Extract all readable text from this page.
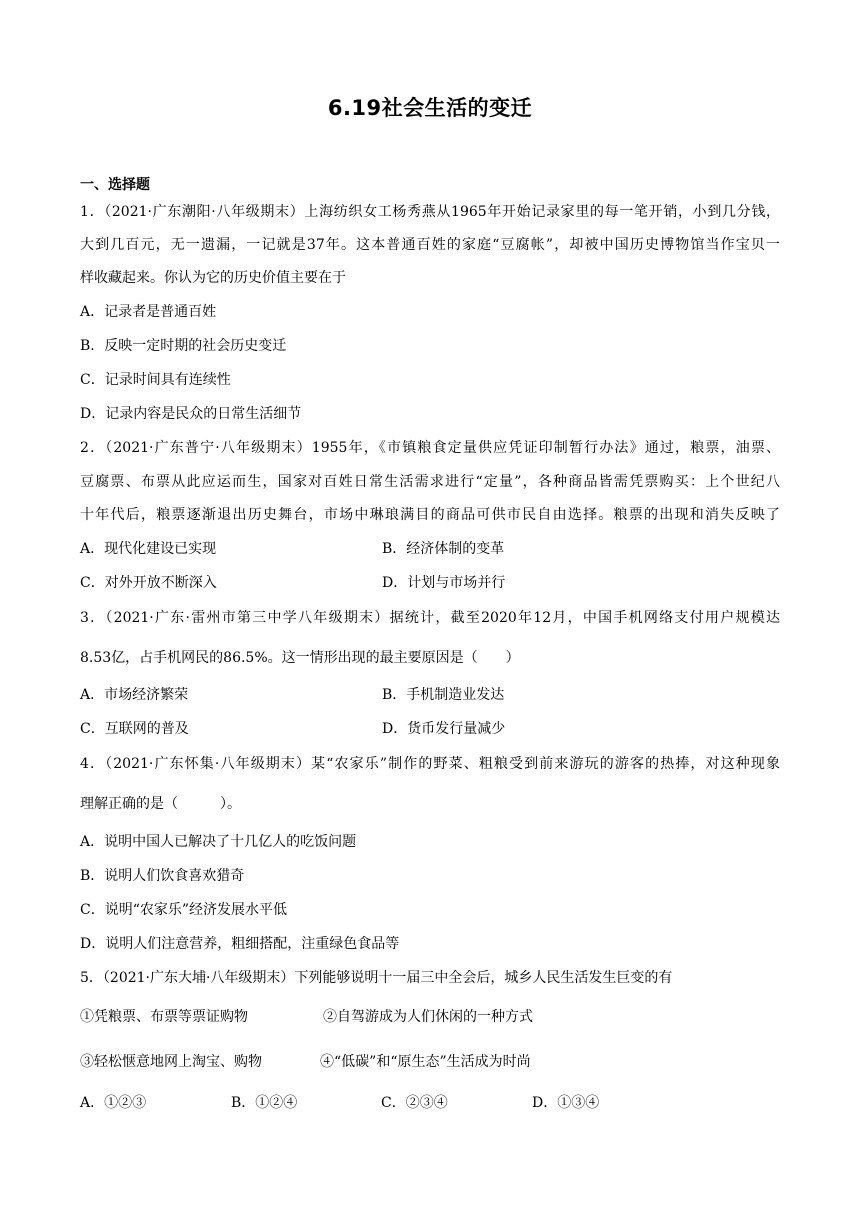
6.19社会生活的变迁
一、选择题
1．（2021·广东潮阳·八年级期末）上海纺织女工杨秀燕从1965年开始记录家里的每一笔开销，小到几分钱，
大到几百元，无一遗漏，一记就是37年。这本普通百姓的家庭“豆腐帐”，却被中国历史博物馆当作宝贝一
样收藏起来。你认为它的历史价值主要在于
A．记录者是普通百姓
B．反映一定时期的社会历史变迁
C．记录时间具有连续性
D．记录内容是民众的日常生活细节
2．（2021·广东普宁·八年级期末）1955年，《市镇粮食定量供应凭证印制暂行办法》通过，粮票，油票、
豆腐票、布票从此应运而生，国家对百姓日常生活需求进行“定量”，各种商品皆需凭票购买：上个世纪八
十年代后，粮票逐渐退出历史舞台，市场中琳琅满目的商品可供市民自由选择。粮票的出现和消失反映了
A．现代化建设已实现	B．经济体制的变革
C．对外开放不断深入	D．计划与市场并行
3．（2021·广东·雷州市第三中学八年级期末）据统计，截至2020年12月，中国手机网络支付用户规模达
8.53亿，占手机网民的86.5%。这一情形出现的最主要原因是（　　）
A．市场经济繁荣	B．手机制造业发达
C．互联网的普及	D．货币发行量减少
4．（2021·广东怀集·八年级期末）某“农家乐”制作的野菜、粗粮受到前来游玩的游客的热捧，对这种现象
理解正确的是（　　　）。
A．说明中国人已解决了十几亿人的吃饭问题
B．说明人们饮食喜欢猎奇
C．说明“农家乐”经济发展水平低
D．说明人们注意营养，粗细搭配，注重绿色食品等
5．（2021·广东大埔·八年级期末）下列能够说明十一届三中全会后，城乡人民生活发生巨变的有
①凭粮票、布票等票证购物	②自驾游成为人们休闲的一种方式
③轻松惬意地网上淘宝、购物	④“低碳”和“原生态”生活成为时尚
A．①②③	B．①②④	C．②③④	D．①③④
